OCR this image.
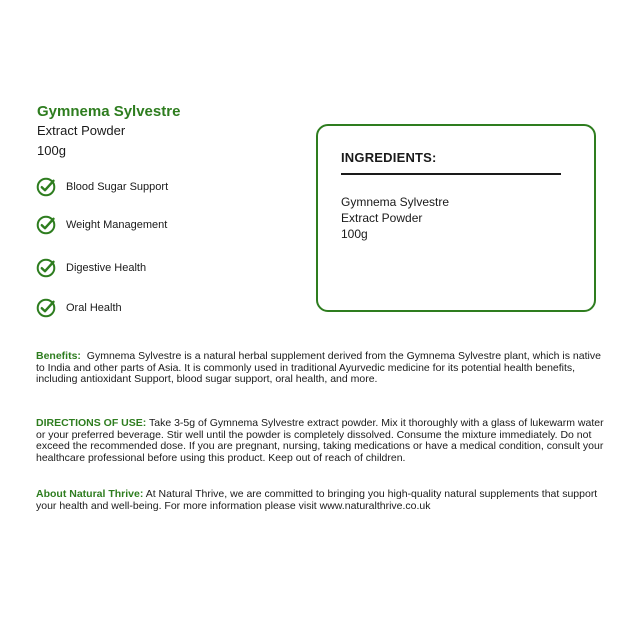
Gymnema Sylvestre
Extract Powder
100g
Blood Sugar Support
Weight Management
Digestive Health
Oral Health
INGREDIENTS:
Gymnema Sylvestre
Extract Powder
100g
Benefits: Gymnema Sylvestre is a natural herbal supplement derived from the Gymnema Sylvestre plant, which is native to India and other parts of Asia. It is commonly used in traditional Ayurvedic medicine for its potential health benefits, including antioxidant Support, blood sugar support, oral health, and more.
DIRECTIONS OF USE: Take 3-5g of Gymnema Sylvestre extract powder. Mix it thoroughly with a glass of lukewarm water or your preferred beverage. Stir well until the powder is completely dissolved. Consume the mixture immediately. Do not exceed the recommended dose. If you are pregnant, nursing, taking medications or have a medical condition, consult your healthcare professional before using this product. Keep out of reach of children.
About Natural Thrive: At Natural Thrive, we are committed to bringing you high-quality natural supplements that support your health and well-being. For more information please visit www.naturalthrive.co.uk
